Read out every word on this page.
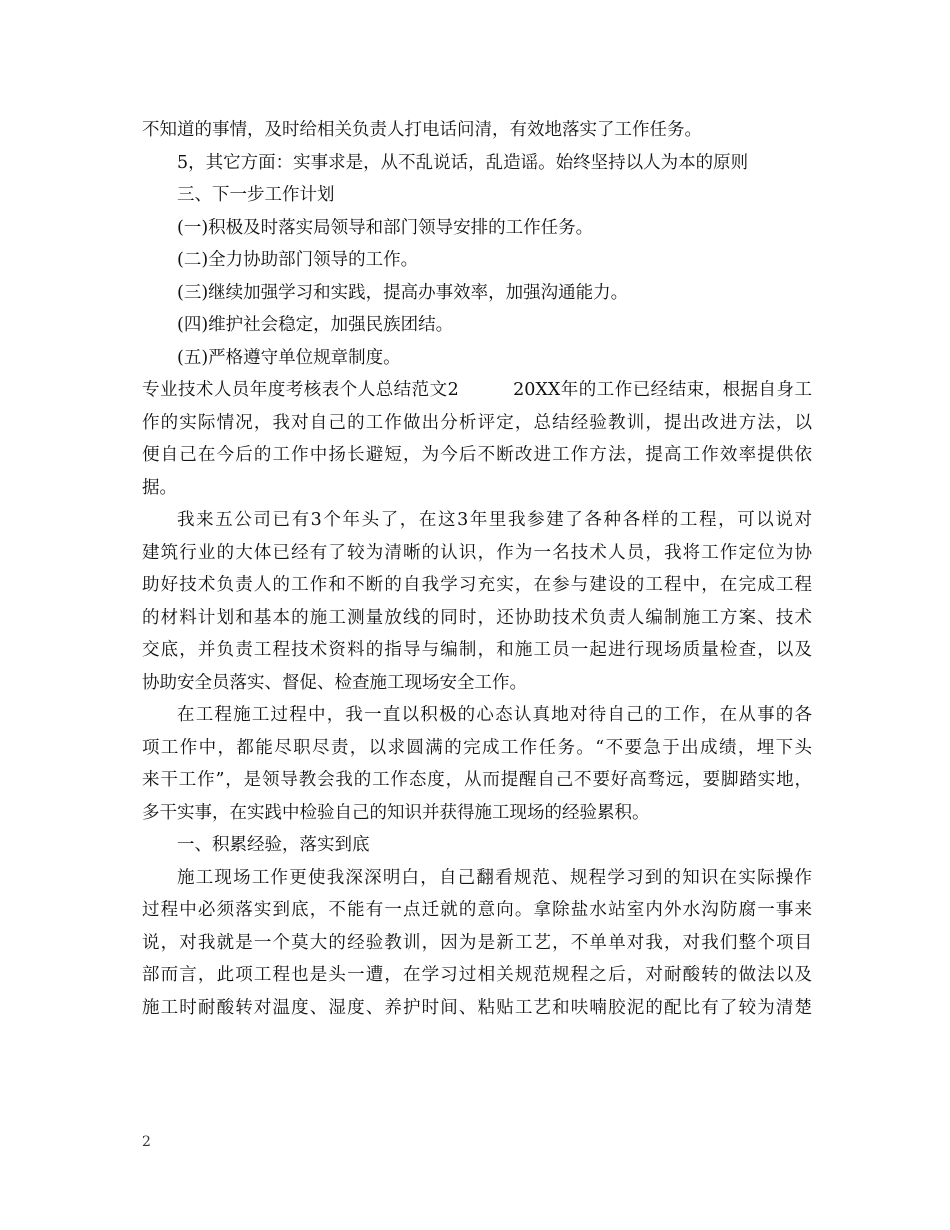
不知道的事情，及时给相关负责人打电话问清，有效地落实了工作任务。
5，其它方面：实事求是，从不乱说话，乱造谣。始终坚持以人为本的原则
三、下一步工作计划
(一)积极及时落实局领导和部门领导安排的工作任务。
(二)全力协助部门领导的工作。
(三)继续加强学习和实践，提高办事效率，加强沟通能力。
(四)维护社会稳定，加强民族团结。
(五)严格遵守单位规章制度。
专业技术人员年度考核表个人总结范文2　　　20XX年的工作已经结束，根据自身工
作的实际情况，我对自己的工作做出分析评定，总结经验教训，提出改进方法，以
便自己在今后的工作中扬长避短，为今后不断改进工作方法，提高工作效率提供依
据。
我来五公司已有3个年头了，在这3年里我参建了各种各样的工程，可以说对
建筑行业的大体已经有了较为清晰的认识，作为一名技术人员，我将工作定位为协
助好技术负责人的工作和不断的自我学习充实，在参与建设的工程中，在完成工程
的材料计划和基本的施工测量放线的同时，还协助技术负责人编制施工方案、技术
交底，并负责工程技术资料的指导与编制，和施工员一起进行现场质量检查，以及
协助安全员落实、督促、检查施工现场安全工作。
在工程施工过程中，我一直以积极的心态认真地对待自己的工作，在从事的各
项工作中，都能尽职尽责，以求圆满的完成工作任务。“不要急于出成绩，埋下头
来干工作”，是领导教会我的工作态度，从而提醒自己不要好高骛远，要脚踏实地，
多干实事，在实践中检验自己的知识并获得施工现场的经验累积。
一、积累经验，落实到底
施工现场工作更使我深深明白，自己翻看规范、规程学习到的知识在实际操作
过程中必须落实到底，不能有一点迁就的意向。拿除盐水站室内外水沟防腐一事来
说，对我就是一个莫大的经验教训，因为是新工艺，不单单对我，对我们整个项目
部而言，此项工程也是头一遭，在学习过相关规范规程之后，对耐酸转的做法以及
施工时耐酸转对温度、湿度、养护时间、粘贴工艺和呋喃胶泥的配比有了较为清楚
2
